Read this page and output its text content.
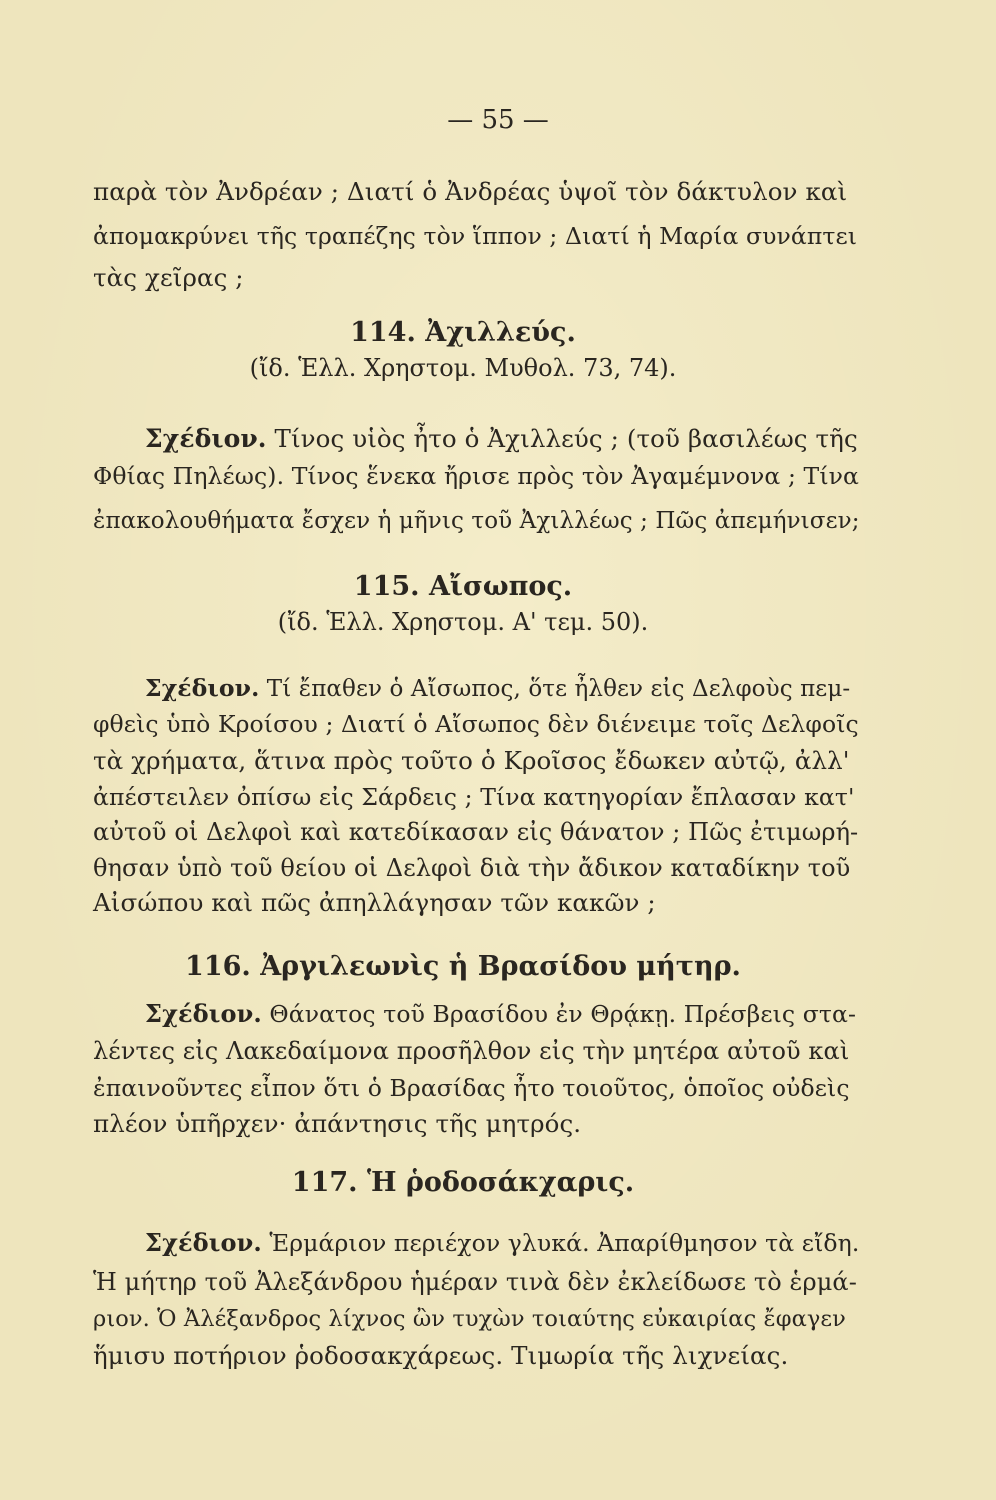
— 55 —
παρὰ τὸν Ἀνδρέαν ; Διατί ὁ Ἀνδρέας ὑψοῖ τὸν δάκτυλον καὶ
ἀπομακρύνει τῆς τραπέζης τὸν ἵππον ; Διατί ἡ Μαρία συνάπτει
τὰς χεῖρας ;
114. Ἀχιλλεύς.
(ἴδ. Ἑλλ. Χρηστομ. Μυθολ. 73, 74).
Σχέδιον. Τίνος υἱὸς ἦτο ὁ Ἀχιλλεύς ; (τοῦ βασιλέως τῆς
Φθίας Πηλέως). Τίνος ἕνεκα ἤρισε πρὸς τὸν Ἀγαμέμνονα ; Τίνα
ἐπακολουθήματα ἔσχεν ἡ μῆνις τοῦ Ἀχιλλέως ; Πῶς ἀπεμήνισεν;
115. Αἴσωπος.
(ἴδ. Ἑλλ. Χρηστομ. Α' τεμ. 50).
Σχέδιον. Τί ἔπαθεν ὁ Αἴσωπος, ὅτε ἦλθεν εἰς Δελφοὺς πεμ-
φθεὶς ὑπὸ Κροίσου ; Διατί ὁ Αἴσωπος δὲν διένειμε τοῖς Δελφοῖς
τὰ χρήματα, ἅτινα πρὸς τοῦτο ὁ Κροῖσος ἔδωκεν αὐτῷ, ἀλλ'
ἀπέστειλεν ὀπίσω εἰς Σάρδεις ; Τίνα κατηγορίαν ἔπλασαν κατ'
αὐτοῦ οἱ Δελφοὶ καὶ κατεδίκασαν εἰς θάνατον ; Πῶς ἐτιμωρή-
θησαν ὑπὸ τοῦ θείου οἱ Δελφοὶ διὰ τὴν ἄδικον καταδίκην τοῦ
Αἰσώπου καὶ πῶς ἀπηλλάγησαν τῶν κακῶν ;
116. Ἀργιλεωνὶς ἡ Βρασίδου μήτηρ.
Σχέδιον. Θάνατος τοῦ Βρασίδου ἐν Θρᾴκῃ. Πρέσβεις στα-
λέντες εἰς Λακεδαίμονα προσῆλθον εἰς τὴν μητέρα αὐτοῦ καὶ
ἐπαινοῦντες εἶπον ὅτι ὁ Βρασίδας ἦτο τοιοῦτος, ὁποῖος οὐδεὶς
πλέον ὑπῆρχεν· ἀπάντησις τῆς μητρός.
117. Ἡ ῥοδοσάκχαρις.
Σχέδιον. Ἑρμάριον περιέχον γλυκά. Ἀπαρίθμησον τὰ εἴδη.
Ἡ μήτηρ τοῦ Ἀλεξάνδρου ἡμέραν τινὰ δὲν ἐκλείδωσε τὸ ἑρμά-
ριον. Ὁ Ἀλέξανδρος λίχνος ὢν τυχὼν τοιαύτης εὐκαιρίας ἔφαγεν
ἥμισυ ποτήριον ῥοδοσακχάρεως. Τιμωρία τῆς λιχνείας.
